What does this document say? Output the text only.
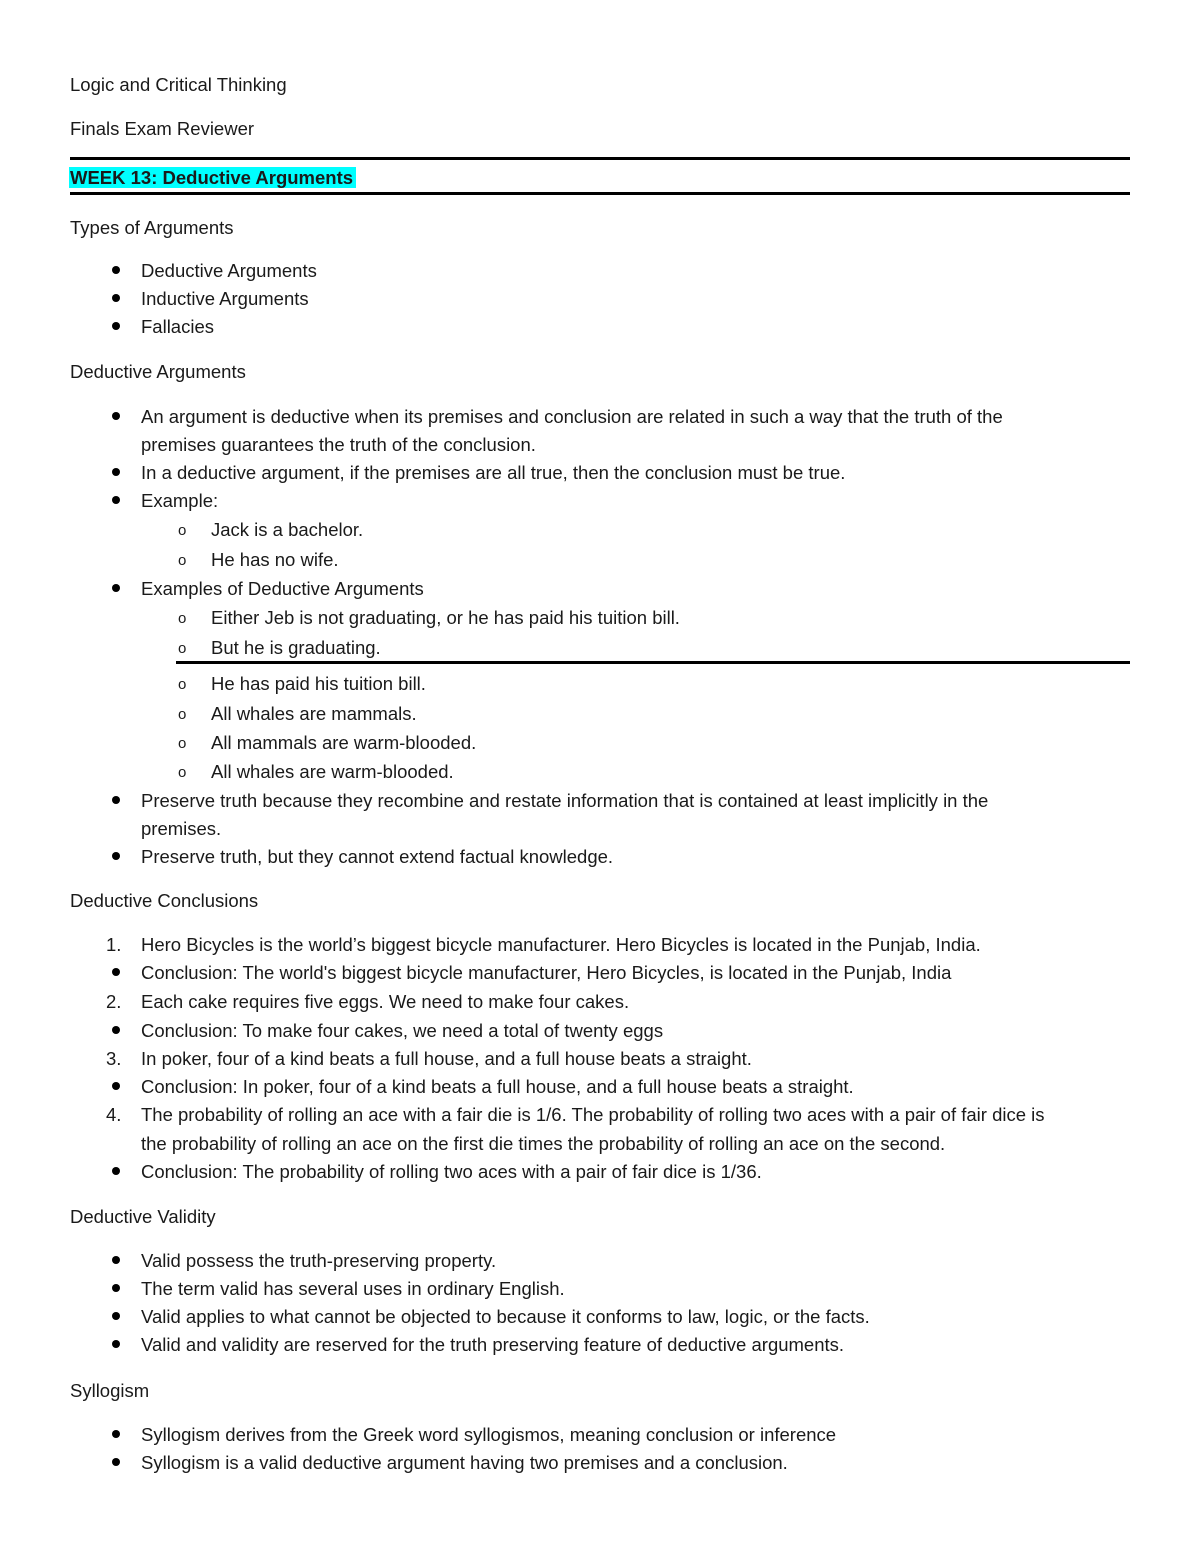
Logic and Critical Thinking
Finals Exam Reviewer
WEEK 13: Deductive Arguments
Types of Arguments
Deductive Arguments
Inductive Arguments
Fallacies
Deductive Arguments
An argument is deductive when its premises and conclusion are related in such a way that the truth of the
premises guarantees the truth of the conclusion.
In a deductive argument, if the premises are all true, then the conclusion must be true.
Example:
o Jack is a bachelor.
o He has no wife.
Examples of Deductive Arguments
o Either Jeb is not graduating, or he has paid his tuition bill.
o But he is graduating.
o He has paid his tuition bill.
o All whales are mammals.
o All mammals are warm-blooded.
o All whales are warm-blooded.
Preserve truth because they recombine and restate information that is contained at least implicitly in the
premises.
Preserve truth, but they cannot extend factual knowledge.
Deductive Conclusions
1. Hero Bicycles is the world’s biggest bicycle manufacturer. Hero Bicycles is located in the Punjab, India.
Conclusion: The world's biggest bicycle manufacturer, Hero Bicycles, is located in the Punjab, India
2. Each cake requires five eggs. We need to make four cakes.
Conclusion: To make four cakes, we need a total of twenty eggs
3. In poker, four of a kind beats a full house, and a full house beats a straight.
Conclusion: In poker, four of a kind beats a full house, and a full house beats a straight.
4. The probability of rolling an ace with a fair die is 1/6. The probability of rolling two aces with a pair of fair dice is
the probability of rolling an ace on the first die times the probability of rolling an ace on the second.
Conclusion: The probability of rolling two aces with a pair of fair dice is 1/36.
Deductive Validity
Valid possess the truth-preserving property.
The term valid has several uses in ordinary English.
Valid applies to what cannot be objected to because it conforms to law, logic, or the facts.
Valid and validity are reserved for the truth preserving feature of deductive arguments.
Syllogism
Syllogism derives from the Greek word syllogismos, meaning conclusion or inference
Syllogism is a valid deductive argument having two premises and a conclusion.
